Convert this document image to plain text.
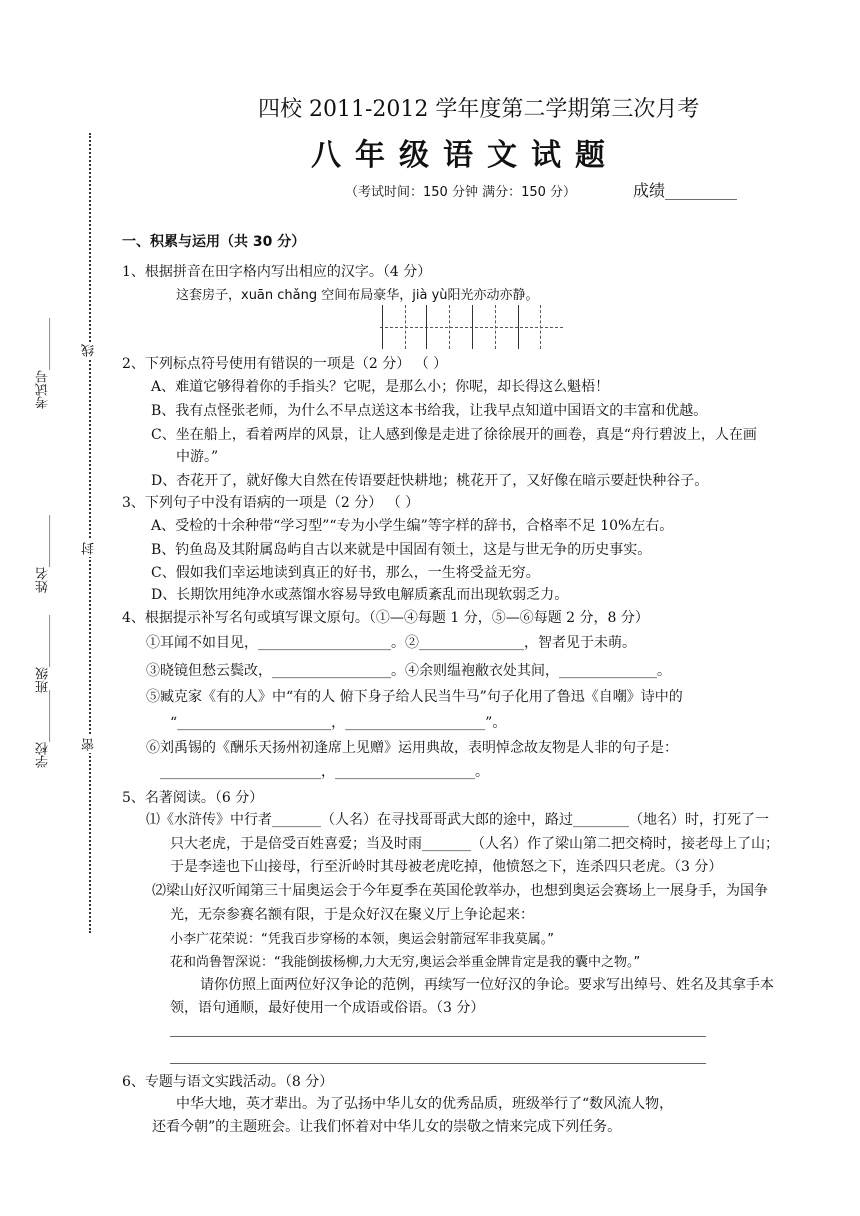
线
封
密
考试号________
姓名________
班级________
学校________
四校 2011-2012 学年度第二学期第三次月考
八年级语文试题
（考试时间：150 分钟 满分：150 分）	成绩_________
一、积累与运用（共 30 分）
1、根据拼音在田字格内写出相应的汉字。（4 分）
这套房子，xuān chǎng 空间布局豪华，jià yù阳光亦动亦静。
2、下列标点符号使用有错误的一项是（2 分） （ ）
A、难道它够得着你的手指头？它呢，是那么小；你呢，却长得这么魁梧！
B、我有点怪张老师，为什么不早点送这本书给我，让我早点知道中国语文的丰富和优越。
C、坐在船上，看着两岸的风景，让人感到像是走进了徐徐展开的画卷，真是“舟行碧波上，人在画
中游。”
D、杏花开了，就好像大自然在传语要赶快耕地；桃花开了，又好像在暗示要赶快种谷子。
3、下列句子中没有语病的一项是（2 分） （ ）
A、受检的十余种带“学习型”“专为小学生编”等字样的辞书，合格率不足 10%左右。
B、钓鱼岛及其附属岛屿自古以来就是中国固有领土，这是与世无争的历史事实。
C、假如我们幸运地读到真正的好书，那么，一生将受益无穷。
D、长期饮用纯净水或蒸馏水容易导致电解质紊乱而出现软弱乏力。
4、根据提示补写名句或填写课文原句。（①—④每题 1 分，⑤—⑥每题 2 分，8 分）
①耳闻不如目见，___________________。②_______________，智者见于未萌。
③晓镜但愁云鬓改，_________________。④余则缊袍敝衣处其间，______________。
⑤臧克家《有的人》中“有的人 俯下身子给人民当牛马”句子化用了鲁迅《自嘲》诗中的
“______________________，____________________”。
⑥刘禹锡的《酬乐天扬州初逢席上见赠》运用典故，表明悼念故友物是人非的句子是：
_______________________，____________________。
5、名著阅读。（6 分）
⑴《水浒传》中行者_______（人名）在寻找哥哥武大郎的途中，路过________（地名）时，打死了一
只大老虎，于是倍受百姓喜爱；当及时雨_______（人名）作了梁山第二把交椅时，接老母上了山；
于是李逵也下山接母，行至沂岭时其母被老虎吃掉，他愤怒之下，连杀四只老虎。（3 分）
⑵梁山好汉听闻第三十届奥运会于今年夏季在英国伦敦举办，也想到奥运会赛场上一展身手，为国争
光，无奈参赛名额有限，于是众好汉在聚义厅上争论起来：
小李广花荣说：“凭我百步穿杨的本领，奥运会射箭冠军非我莫属。”
花和尚鲁智深说：“我能倒拔杨柳,力大无穷,奥运会举重金牌肯定是我的囊中之物。”
请你仿照上面两位好汉争论的范例，再续写一位好汉的争论。要求写出绰号、姓名及其拿手本
领，语句通顺，最好使用一个成语或俗语。（3 分）
6、专题与语文实践活动。（8 分）
中华大地，英才辈出。为了弘扬中华儿女的优秀品质，班级举行了“数风流人物，
还看今朝”的主题班会。让我们怀着对中华儿女的崇敬之情来完成下列任务。
